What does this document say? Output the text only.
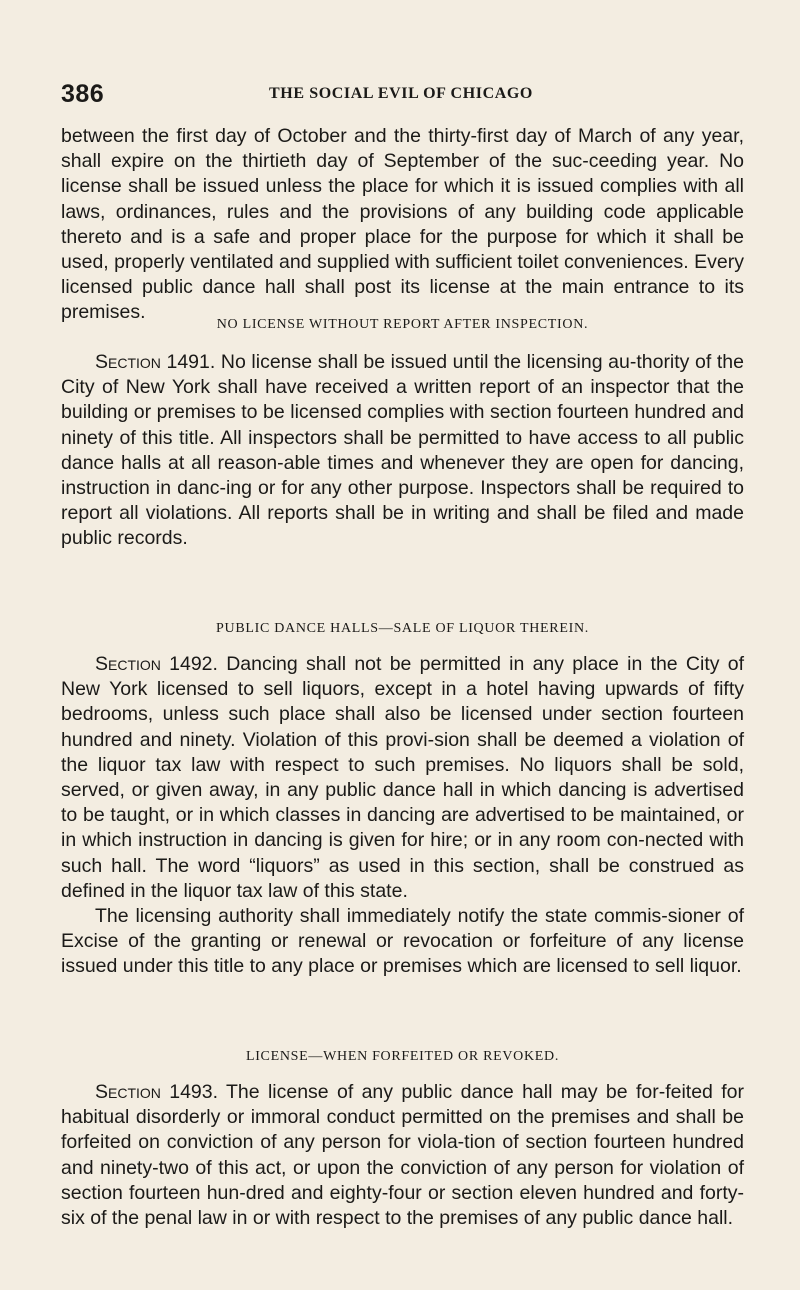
386	THE SOCIAL EVIL OF CHICAGO

between the first day of October and the thirty-first day of March of any year, shall expire on the thirtieth day of September of the suc-ceeding year. No license shall be issued unless the place for which it is issued complies with all laws, ordinances, rules and the provisions of any building code applicable thereto and is a safe and proper place for the purpose for which it shall be used, properly ventilated and supplied with sufficient toilet conveniences. Every licensed public dance hall shall post its license at the main entrance to its premises.

NO LICENSE WITHOUT REPORT AFTER INSPECTION.

Section 1491. No license shall be issued until the licensing au-thority of the City of New York shall have received a written report of an inspector that the building or premises to be licensed complies with section fourteen hundred and ninety of this title. All inspectors shall be permitted to have access to all public dance halls at all reason-able times and whenever they are open for dancing, instruction in danc-ing or for any other purpose. Inspectors shall be required to report all violations. All reports shall be in writing and shall be filed and made public records.

PUBLIC DANCE HALLS—SALE OF LIQUOR THEREIN.

Section 1492. Dancing shall not be permitted in any place in the City of New York licensed to sell liquors, except in a hotel having upwards of fifty bedrooms, unless such place shall also be licensed under section fourteen hundred and ninety. Violation of this provi-sion shall be deemed a violation of the liquor tax law with respect to such premises. No liquors shall be sold, served, or given away, in any public dance hall in which dancing is advertised to be taught, or in which classes in dancing are advertised to be maintained, or in which instruction in dancing is given for hire; or in any room con-nected with such hall. The word “liquors” as used in this section, shall be construed as defined in the liquor tax law of this state.

The licensing authority shall immediately notify the state commis-sioner of Excise of the granting or renewal or revocation or forfeiture of any license issued under this title to any place or premises which are licensed to sell liquor.

LICENSE—WHEN FORFEITED OR REVOKED.

Section 1493. The license of any public dance hall may be for-feited for habitual disorderly or immoral conduct permitted on the premises and shall be forfeited on conviction of any person for viola-tion of section fourteen hundred and ninety-two of this act, or upon the conviction of any person for violation of section fourteen hun-dred and eighty-four or section eleven hundred and forty-six of the penal law in or with respect to the premises of any public dance hall.
